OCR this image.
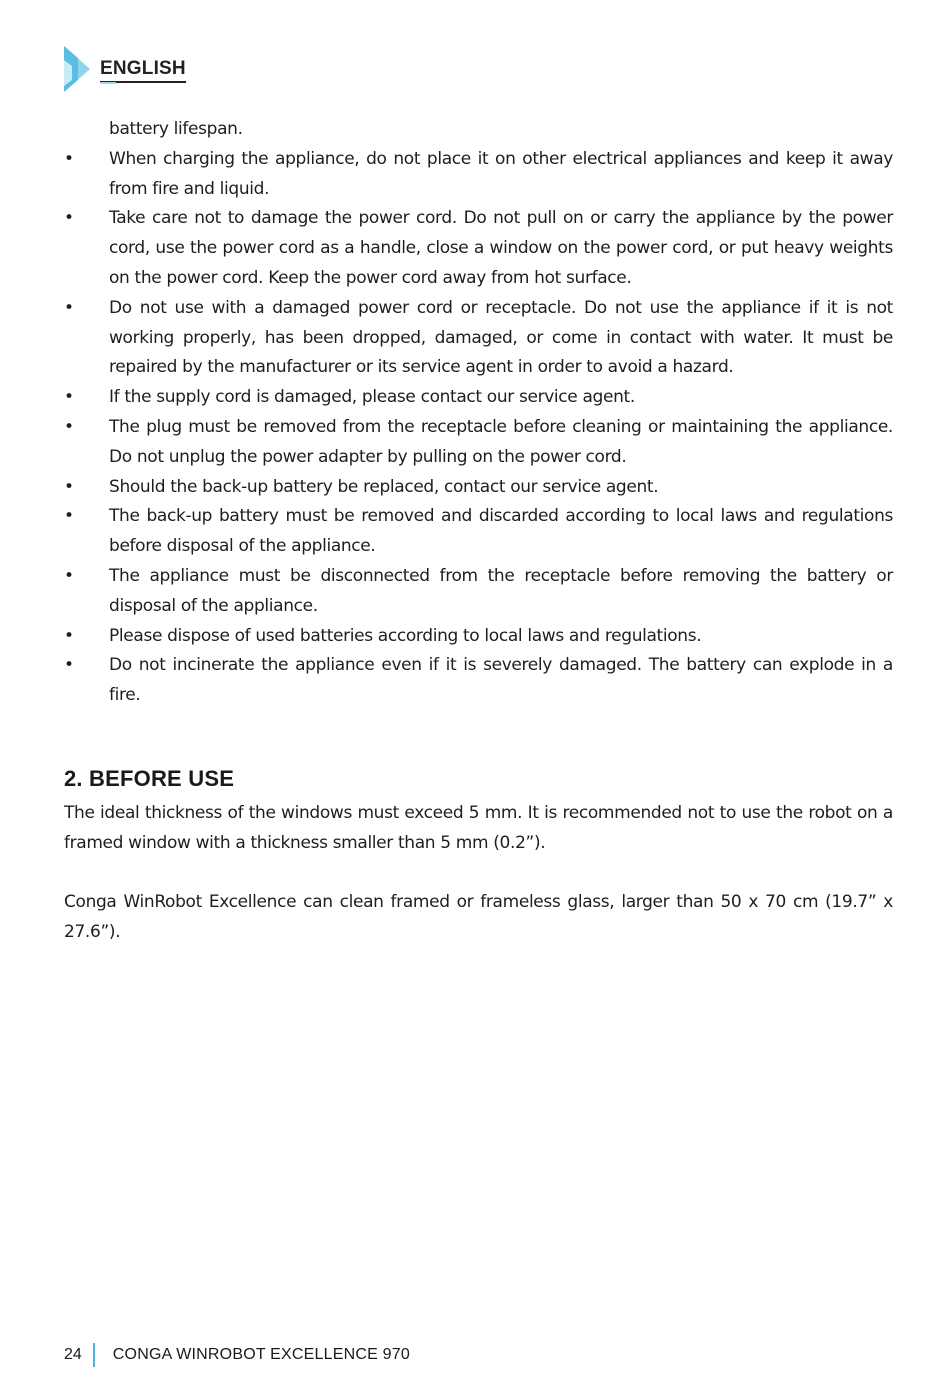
ENGLISH
battery lifespan.
• When charging the appliance, do not place it on other electrical appliances and keep it away from fire and liquid.
• Take care not to damage the power cord. Do not pull on or carry the appliance by the power cord, use the power cord as a handle, close a window on the power cord, or put heavy weights on the power cord. Keep the power cord away from hot surface.
• Do not use with a damaged power cord or receptacle. Do not use the appliance if it is not working properly, has been dropped, damaged, or come in contact with water. It must be repaired by the manufacturer or its service agent in order to avoid a hazard.
• If the supply cord is damaged, please contact our service agent.
• The plug must be removed from the receptacle before cleaning or maintaining the appliance. Do not unplug the power adapter by pulling on the power cord.
• Should the back-up battery be replaced, contact our service agent.
• The back-up battery must be removed and discarded according to local laws and regulations before disposal of the appliance.
• The appliance must be disconnected from the receptacle before removing the battery or disposal of the appliance.
• Please dispose of used batteries according to local laws and regulations.
• Do not incinerate the appliance even if it is severely damaged. The battery can explode in a fire.
2. BEFORE USE

The ideal thickness of the windows must exceed 5 mm. It is recommended not to use the robot on a framed window with a thickness smaller than 5 mm (0.2”).

Conga WinRobot Excellence can clean framed or frameless glass, larger than 50 x 70 cm (19.7” x 27.6”).

24 CONGA WINROBOT EXCELLENCE 970
